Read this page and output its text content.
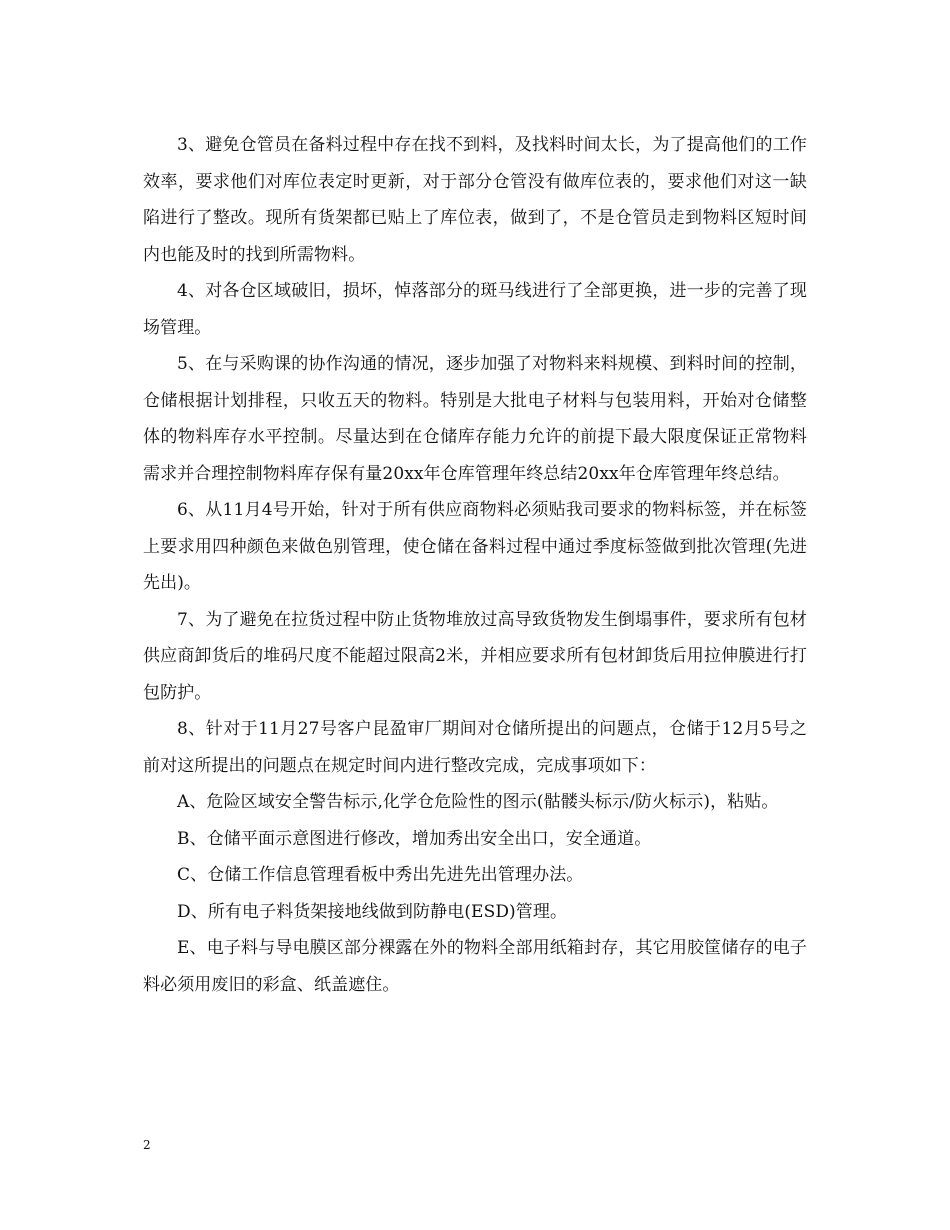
3、避免仓管员在备料过程中存在找不到料，及找料时间太长，为了提高他们的工作效率，要求他们对库位表定时更新，对于部分仓管没有做库位表的，要求他们对这一缺陷进行了整改。现所有货架都已贴上了库位表，做到了，不是仓管员走到物料区短时间内也能及时的找到所需物料。

4、对各仓区域破旧，损坏，悼落部分的斑马线进行了全部更换，进一步的完善了现场管理。

5、在与采购课的协作沟通的情况，逐步加强了对物料来料规模、到料时间的控制，仓储根据计划排程，只收五天的物料。特别是大批电子材料与包装用料，开始对仓储整体的物料库存水平控制。尽量达到在仓储库存能力允许的前提下最大限度保证正常物料需求并合理控制物料库存保有量20xx年仓库管理年终总结20xx年仓库管理年终总结。

6、从11月4号开始，针对于所有供应商物料必须贴我司要求的物料标签，并在标签上要求用四种颜色来做色别管理，使仓储在备料过程中通过季度标签做到批次管理(先进先出)。

7、为了避免在拉货过程中防止货物堆放过高导致货物发生倒塌事件，要求所有包材供应商卸货后的堆码尺度不能超过限高2米，并相应要求所有包材卸货后用拉伸膜进行打包防护。

8、针对于11月27号客户昆盈审厂期间对仓储所提出的问题点，仓储于12月5号之前对这所提出的问题点在规定时间内进行整改完成，完成事项如下：

A、危险区域安全警告标示,化学仓危险性的图示(骷髅头标示/防火标示)，粘贴。

B、仓储平面示意图进行修改，增加秀出安全出口，安全通道。

C、仓储工作信息管理看板中秀出先进先出管理办法。

D、所有电子料货架接地线做到防静电(ESD)管理。

E、电子料与导电膜区部分裸露在外的物料全部用纸箱封存，其它用胶筐储存的电子料必须用废旧的彩盒、纸盖遮住。

2
